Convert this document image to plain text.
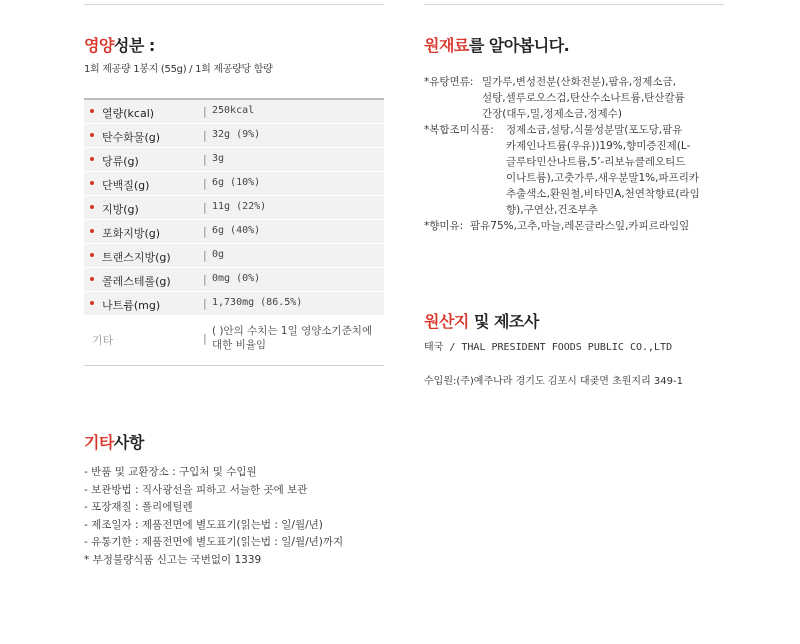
영양성분 :
1회 제공량 1봉지 (55g) / 1회 제공량당 함량
열량(kcal)	| 250kcal
탄수화물(g)	| 32g (9%)
당류(g)	| 3g
단백질(g)	| 6g (10%)
지방(g)	| 11g (22%)
포화지방(g)	| 6g (40%)
트랜스지방(g)	| 0g
콜레스테롤(g)	| 0mg (0%)
나트륨(mg)	| 1,730mg (86.5%)
기타	|
( )안의 수치는 1일 영양소기준치에 대한 비율임
원재료를 알아봅니다.
*유탕면류: 밀가루,변성전분(산화전분),팜유,정제소금,
설탕,셀루로오스검,탄산수소나트륨,탄산칼륨
간장(대두,밀,정제소금,정제수)
*복합조미식품:	정제소금,설탕,식물성분말(포도당,팜유
카제인나트륨(우유))19%,향미증진제(L-
글루타민산나트륨,5’-리보뉴클레오티드
이나트륨),고춧가루,새우분말1%,파프리카
추출색소,환원철,비타민A,천연착향료(라임
향),구연산,건조부추
*향미유: 팜유75%,고추,마늘,레몬글라스잎,카피르라임잎
원산지 및 제조사
태국 / THAL PRESIDENT FOODS PUBLIC CO.,LTD
수입원:(주)예주나라 경기도 김포시 대곶면 초원지리 349-1
기타사항
- 반품 및 교환장소 : 구입처 및 수입원
- 보관방법 : 직사광선을 피하고 서늘한 곳에 보관
- 포장재질 : 폴리에틸렌
- 제조일자 : 제품전면에 별도표기(읽는법 : 일/월/년)
- 유통기한 : 제품전면에 별도표기(읽는법 : 일/월/년)까지
* 부정불량식품 신고는 국번없이 1339
